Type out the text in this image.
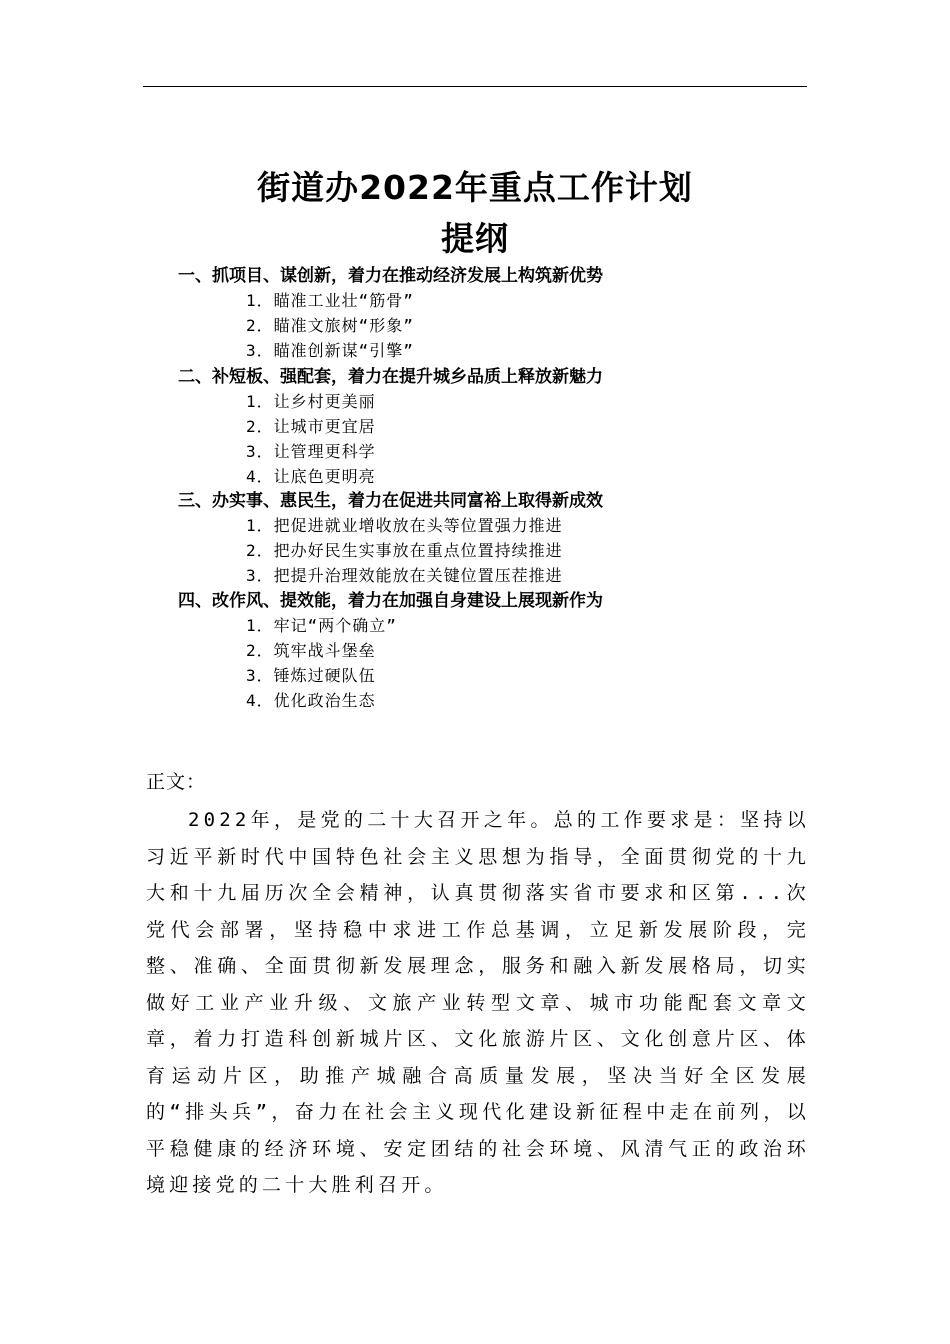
街道办2022年重点工作计划
提纲
一、抓项目、谋创新，着力在推动经济发展上构筑新优势
1．瞄准工业壮“筋骨”
2．瞄准文旅树“形象”
3．瞄准创新谋“引擎”
二、补短板、强配套，着力在提升城乡品质上释放新魅力
1．让乡村更美丽
2．让城市更宜居
3．让管理更科学
4．让底色更明亮
三、办实事、惠民生，着力在促进共同富裕上取得新成效
1．把促进就业增收放在头等位置强力推进
2．把办好民生实事放在重点位置持续推进
3．把提升治理效能放在关键位置压茬推进
四、改作风、提效能，着力在加强自身建设上展现新作为
1．牢记“两个确立”
2．筑牢战斗堡垒
3．锤炼过硬队伍
4．优化政治生态
正文：

2022年，是党的二十大召开之年。总的工作要求是：坚持以习近平新时代中国特色社会主义思想为指导，全面贯彻党的十九大和十九届历次全会精神，认真贯彻落实省市要求和区第...次党代会部署，坚持稳中求进工作总基调，立足新发展阶段，完整、准确、全面贯彻新发展理念，服务和融入新发展格局，切实做好工业产业升级、文旅产业转型文章、城市功能配套文章文章，着力打造科创新城片区、文化旅游片区、文化创意片区、体育运动片区，助推产城融合高质量发展，坚决当好全区发展的“排头兵”，奋力在社会主义现代化建设新征程中走在前列，以平稳健康的经济环境、安定团结的社会环境、风清气正的政治环境迎接党的二十大胜利召开。
